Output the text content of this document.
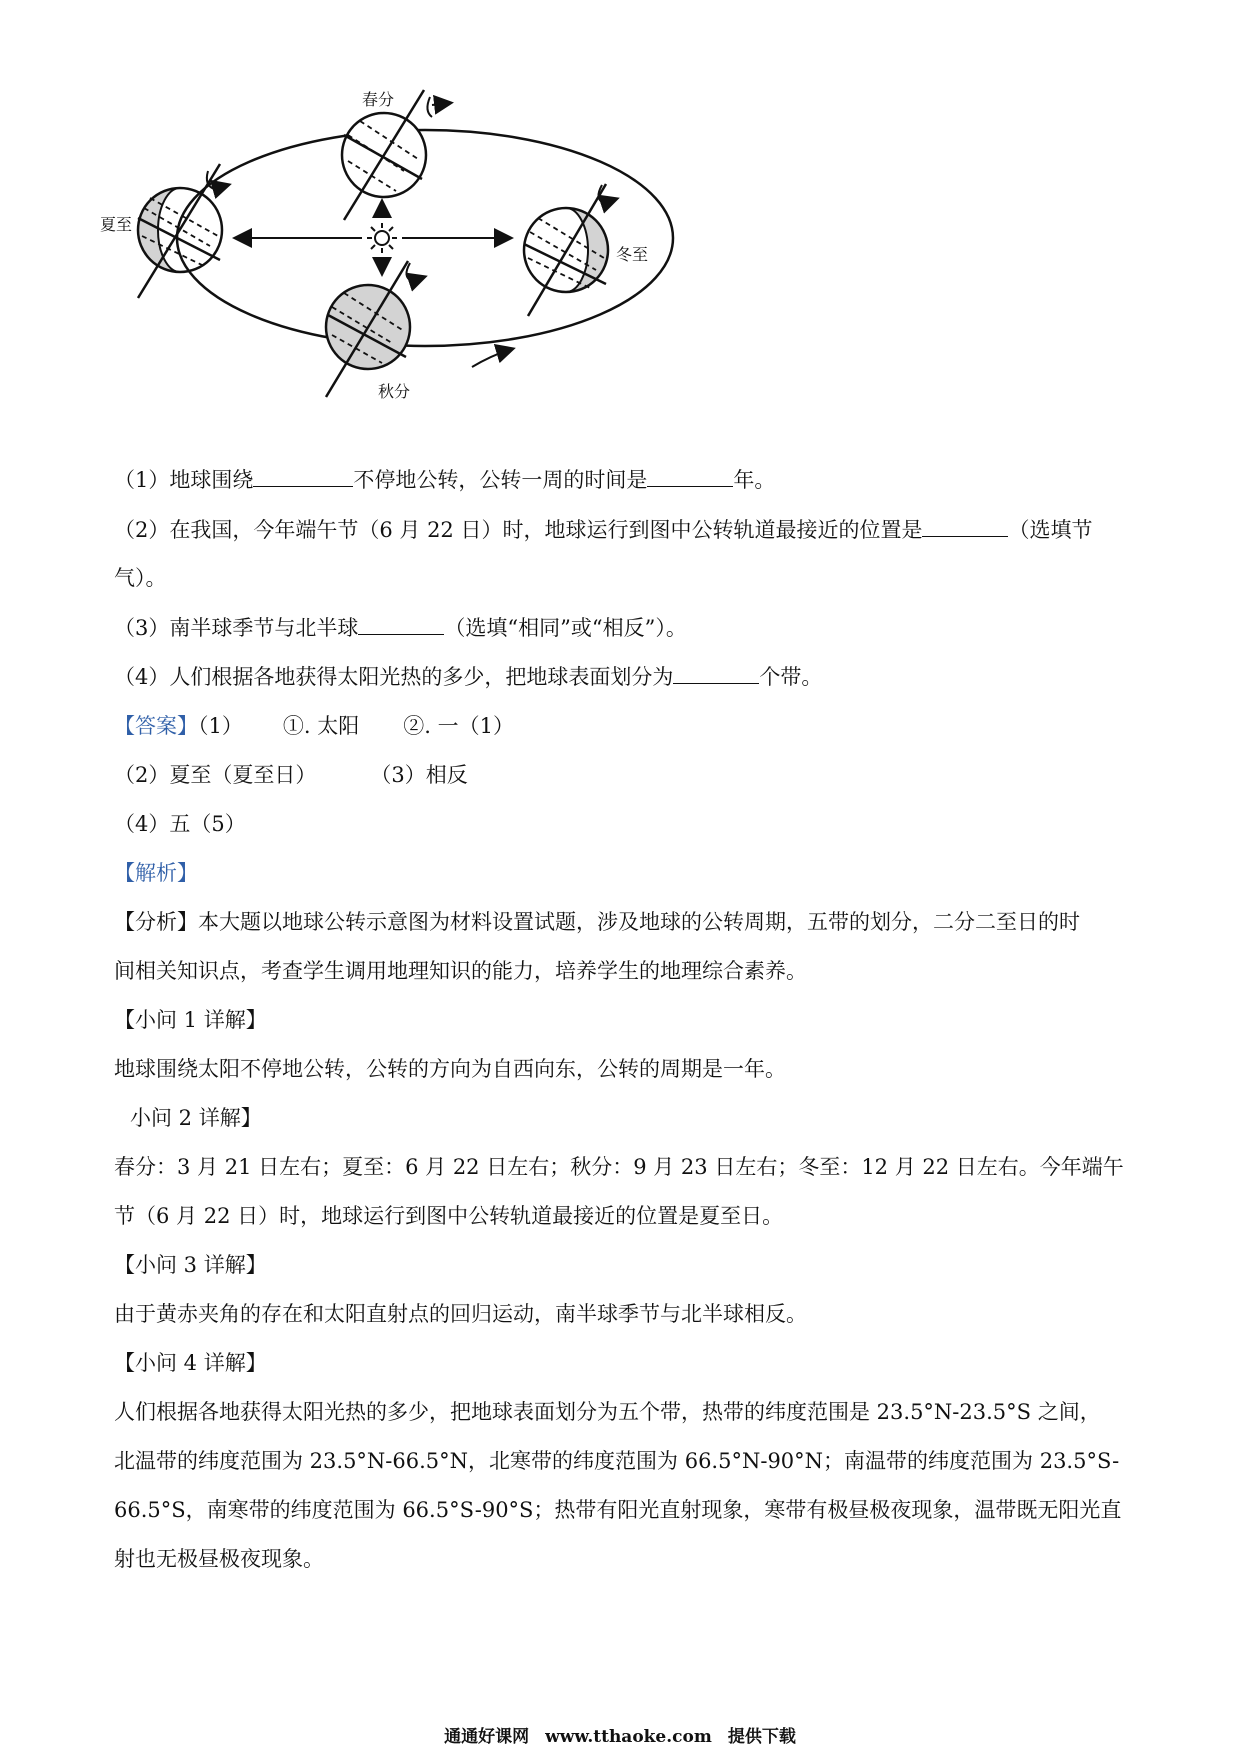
春分
夏至
冬至
秋分
（1）地球围绕	不停地公转，公转一周的时间是	年。
（2）在我国，今年端午节（6 月 22 日）时，地球运行到图中公转轨道最接近的位置是	（选填节
气）。
（3）南半球季节与北半球	（选填“相同”或“相反”）。
（4）人们根据各地获得太阳光热的多少，把地球表面划分为	个带。
【答案】（1） ①. 太阳 ②. 一（1）
（2）夏至（夏至日）	（3）相反
（4）五（5）
【解析】
【分析】本大题以地球公转示意图为材料设置试题，涉及地球的公转周期，五带的划分，二分二至日的时
间相关知识点，考查学生调用地理知识的能力，培养学生的地理综合素养。
【小问 1 详解】
地球围绕太阳不停地公转，公转的方向为自西向东，公转的周期是一年。
小问 2 详解】
春分：3 月 21 日左右；夏至：6 月 22 日左右；秋分：9 月 23 日左右；冬至：12 月 22 日左右。今年端午
节（6 月 22 日）时，地球运行到图中公转轨道最接近的位置是夏至日。
【小问 3 详解】
由于黄赤夹角的存在和太阳直射点的回归运动，南半球季节与北半球相反。
【小问 4 详解】
人们根据各地获得太阳光热的多少，把地球表面划分为五个带，热带的纬度范围是 23.5°N-23.5°S 之间，
北温带的纬度范围为 23.5°N-66.5°N，北寒带的纬度范围为 66.5°N-90°N；南温带的纬度范围为 23.5°S-
66.5°S，南寒带的纬度范围为 66.5°S-90°S；热带有阳光直射现象，寒带有极昼极夜现象，温带既无阳光直
射也无极昼极夜现象。
通通好课网 www.tthaoke.com 提供下载
